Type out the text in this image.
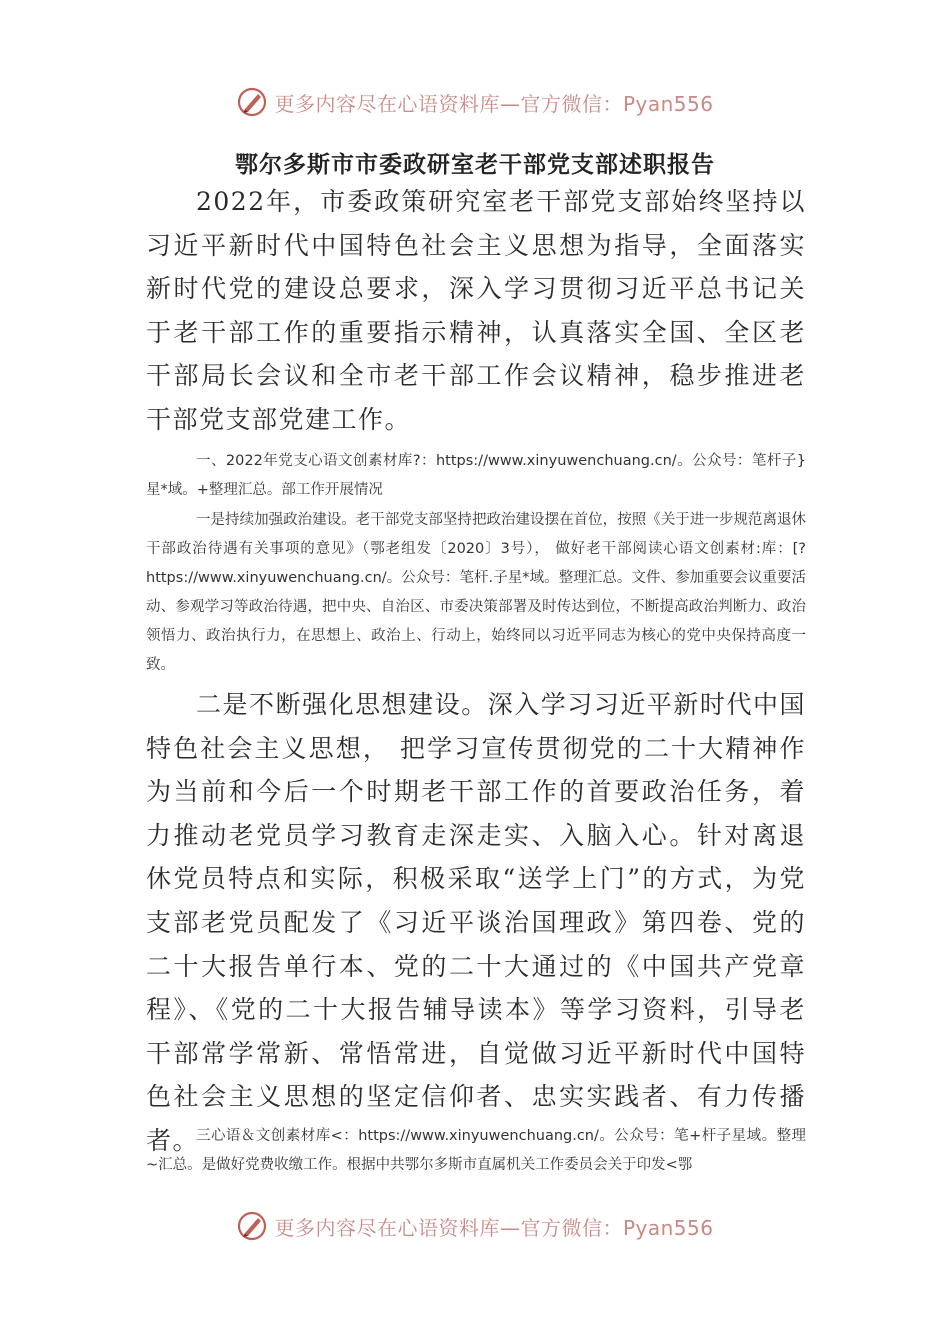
更多内容尽在心语资料库—官方微信：Pyan556
鄂尔多斯市市委政研室老干部党支部述职报告

2022年，市委政策研究室老干部党支部始终坚持以习近平新时代中国特色社会主义思想为指导，全面落实新时代党的建设总要求，深入学习贯彻习近平总书记关于老干部工作的重要指示精神，认真落实全国、全区老干部局长会议和全市老干部工作会议精神，稳步推进老干部党支部党建工作。

一、2022年党支心语文创素材库?：https://www.xinyuwenchuang.cn/。公众号：笔杆子}星*域。+整理汇总。部工作开展情况

一是持续加强政治建设。老干部党支部坚持把政治建设摆在首位，按照《关于进一步规范离退休干部政治待遇有关事项的意见》（鄂老组发〔2020〕3号）， 做好老干部阅读心语文创素材:库：[?https://www.xinyuwenchuang.cn/。公众号：笔杆.子星*域。整理汇总。文件、参加重要会议重要活动、参观学习等政治待遇，把中央、自治区、市委决策部署及时传达到位，不断提高政治判断力、政治领悟力、政治执行力，在思想上、政治上、行动上，始终同以习近平同志为核心的党中央保持高度一致。

二是不断强化思想建设。深入学习习近平新时代中国特色社会主义思想， 把学习宣传贯彻党的二十大精神作为当前和今后一个时期老干部工作的首要政治任务，着力推动老党员学习教育走深走实、入脑入心。针对离退休党员特点和实际，积极采取“送学上门”的方式，为党支部老党员配发了《习近平谈治国理政》第四卷、党的二十大报告单行本、党的二十大通过的《中国共产党章程》、《党的二十大报告辅导读本》等学习资料，引导老干部常学常新、常悟常进，自觉做习近平新时代中国特色社会主义思想的坚定信仰者、忠实实践者、有力传播者。

三心语＆文创素材库<：https://www.xinyuwenchuang.cn/。公众号：笔+杆子星域。整理~汇总。是做好党费收缴工作。根据中共鄂尔多斯市直属机关工作委员会关于印发<鄂

更多内容尽在心语资料库—官方微信：Pyan556
